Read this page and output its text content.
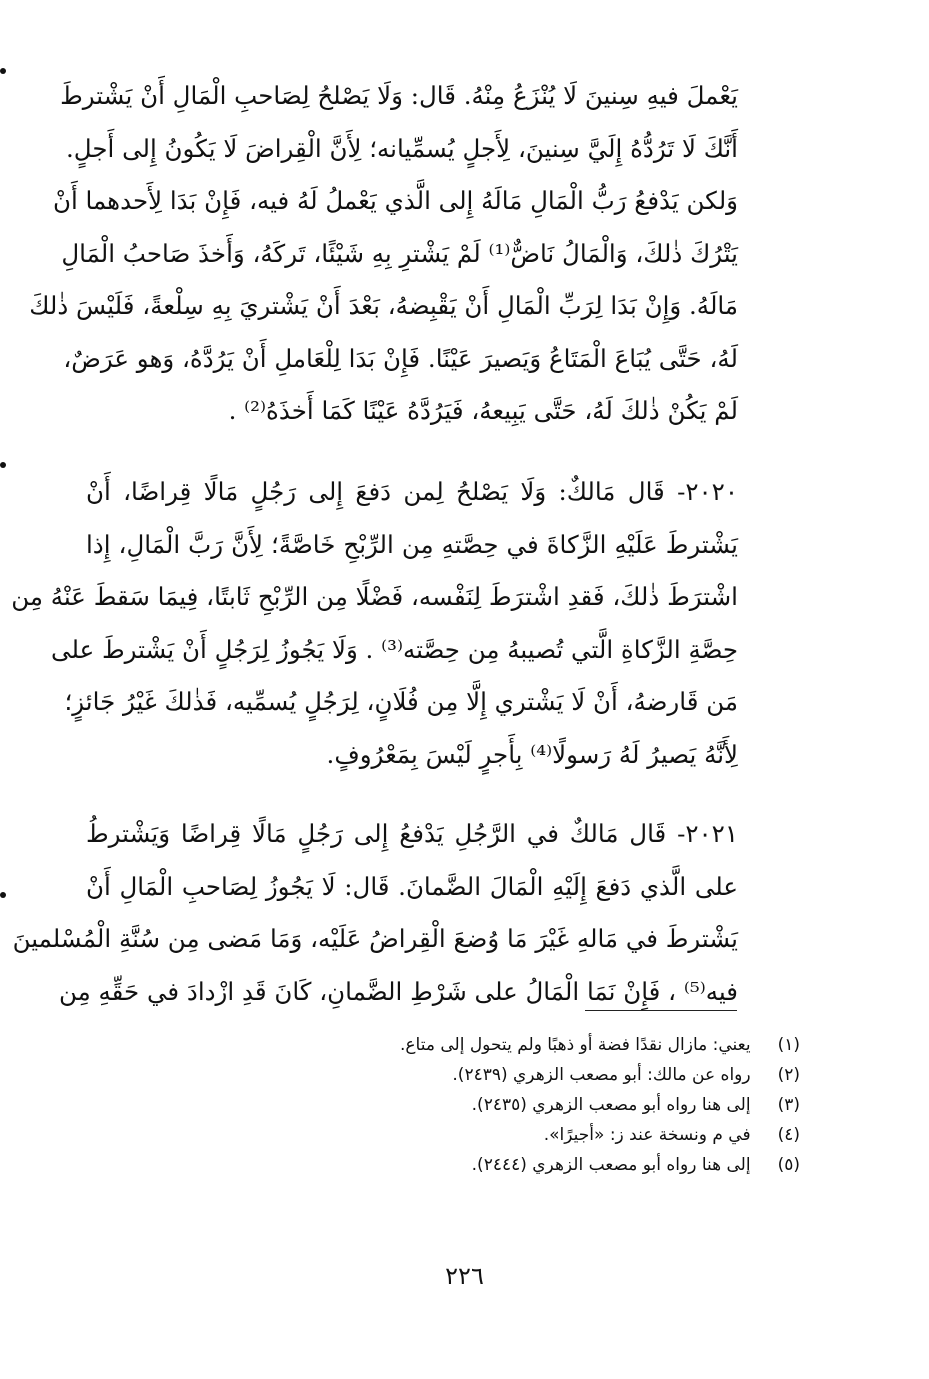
يَعْملَ فيهِ سِنينَ لَا يُنْزَعُ مِنْهُ. قَال: وَلَا يَصْلحُ لِصَاحبِ الْمَالِ أَنْ يَشْترطَ
أَنَّكَ لَا تَرُدُّهُ إِلَيَّ سِنينَ، لِأَجلٍ يُسمِّيانه؛ لِأَنَّ الْقِراضَ لَا يَكُونُ إِلى أَجلٍ.
وَلكن يَدْفعُ رَبُّ الْمَالِ مَالَهُ إِلى الَّذي يَعْملُ لَهُ فيه، فَإِنْ بَدَا لِأَحدهما أَنْ
يَتْرُكَ ذٰلكَ، وَالْمَالُ نَاضٌّ⁽¹⁾ لَمْ يَشْترِ بِهِ شَيْئًا، تَركَهُ، وَأَخذَ صَاحبُ الْمَالِ
مَالَهُ. وَإِنْ بَدَا لِرَبِّ الْمَالِ أَنْ يَقْبِضهُ، بَعْدَ أَنْ يَشْتريَ بِهِ سِلْعةً، فَلَيْسَ ذٰلكَ
لَهُ، حَتَّى يُبَاعَ الْمَتَاعُ وَيَصيرَ عَيْنًا. فَإِنْ بَدَا لِلْعَاملِ أَنْ يَرُدَّهُ، وَهو عَرَضٌ،
لَمْ يَكُنْ ذٰلكَ لَهُ، حَتَّى يَبِيعهُ، فَيَرُدَّهُ عَيْنًا كَمَا أَخذَهُ⁽²⁾ .
٢٠٢٠- قَال مَالكٌ: وَلَا يَصْلحُ لِمن دَفعَ إِلى رَجُلٍ مَالًا قِراضًا، أَنْ
يَشْترطَ عَلَيْهِ الزَّكاةَ في حِصَّتهِ مِن الرِّبْحِ خَاصَّةً؛ لِأَنَّ رَبَّ الْمَالِ، إِذا
اشْترَطَ ذٰلكَ، فَقدِ اشْترَطَ لِنَفْسه، فَضْلًا مِن الرِّبْحِ ثَابتًا، فِيمَا سَقطَ عَنْهُ مِن
حِصَّةِ الزَّكاةِ الَّتي تُصيبهُ مِن حِصَّته⁽³⁾ . وَلَا يَجُوزُ لِرَجُلٍ أَنْ يَشْترطَ على
مَن قَارضهُ، أَنْ لَا يَشْتري إِلَّا مِن فُلَانٍ، لِرَجُلٍ يُسمِّيه، فَذٰلكَ غَيْرُ جَائزٍ؛
لِأَنَّهُ يَصيرُ لَهُ رَسولًا⁽⁴⁾ بِأَجرٍ لَيْسَ بِمَعْرُوفٍ.
٢٠٢١- قَال مَالكٌ في الرَّجُلِ يَدْفعُ إِلى رَجُلٍ مَالًا قِراضًا وَيَشْترطُ
على الَّذي دَفعَ إِلَيْهِ الْمَالَ الضَّمانَ. قَال: لَا يَجُوزُ لِصَاحبِ الْمَالِ أَنْ
يَشْترطَ في مَالهِ غَيْرَ مَا وُضعَ الْقِراضُ عَلَيْه، وَمَا مَضى مِن سُنَّةِ الْمُسْلمينَ
فيه⁽⁵⁾ ، فَإِنْ نَمَا الْمَالُ على شَرْطِ الضَّمانِ، كَانَ قَدِ ازْدادَ في حَقِّهِ مِن
(١) يعني: مازال نقدًا فضة أو ذهبًا ولم يتحول إلى متاع.
(٢) رواه عن مالك: أبو مصعب الزهري (٢٤٣٩).
(٣) إلى هنا رواه أبو مصعب الزهري (٢٤٣٥).
(٤) في م ونسخة عند ز: «أجيرًا».
(٥) إلى هنا رواه أبو مصعب الزهري (٢٤٤٤).
٢٢٦
